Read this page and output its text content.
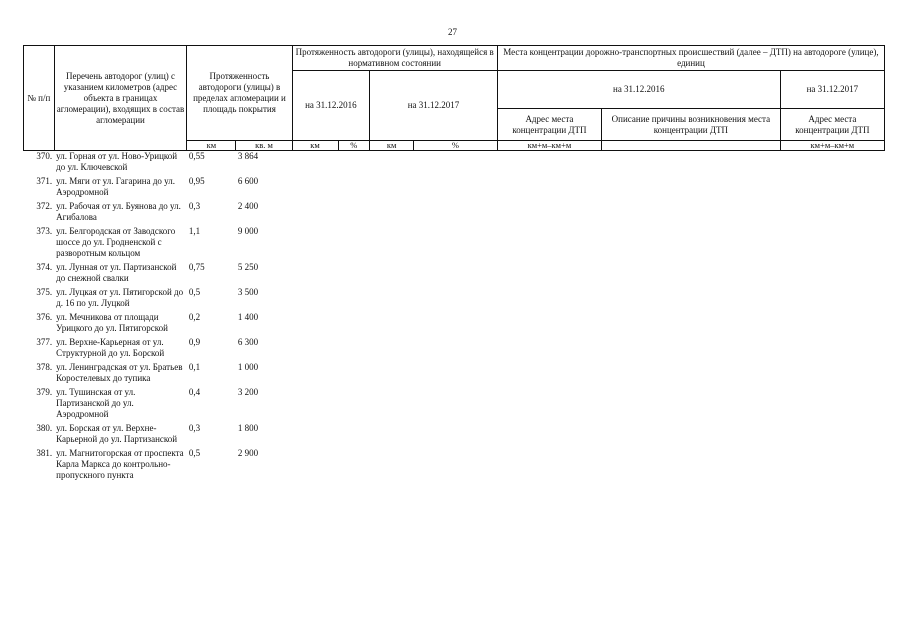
27
№ п/п	Перечень автодорог (улиц) с указанием километров (адрес объекта в границах агломерации), входящих в состав агломерации	Протяженность автодороги (улицы) в пределах агломерации и площадь покрытия		Протяженность автодороги (улицы), находящейся в нормативном состоянии				Места концентрации дорожно-транспортных происшествий (далее – ДТП) на автодороге (улице), единиц		
				на 31.12.2016		на 31.12.2017		на 31.12.2016		на 31.12.2017
								Адрес места концентрации ДТП	Описание причины возникновения места концентрации ДТП	Адрес места концентрации ДТП
		км	кв. м	км	%	км	%	км+м–км+м		км+м–км+м
370.	ул. Горная от ул. Ново-Урицкой до ул. Ключевской	0,55	3 864							
371.	ул. Мяги от ул. Гагарина до ул. Аэродромной	0,95	6 600							
372.	ул. Рабочая от ул. Буянова до ул. Агибалова	0,3	2 400							
373.	ул. Белгородская от Заводского шоссе до ул. Гродненской с разворотным кольцом	1,1	9 000							
374.	ул. Лунная от ул. Партизанской до снежной свалки	0,75	5 250							
375.	ул. Луцкая от ул. Пятигорской до д. 16 по ул. Луцкой	0,5	3 500							
376.	ул. Мечникова от площади Урицкого до ул. Пятигорской	0,2	1 400							
377.	ул. Верхне-Карьерная от ул. Структурной до ул. Борской	0,9	6 300							
378.	ул. Ленинградская от ул. Братьев Коростелевых до тупика	0,1	1 000							
379.	ул. Тушинская от ул. Партизанской до ул. Аэродромной	0,4	3 200							
380.	ул. Борская от ул. Верхне-Карьерной до ул. Партизанской	0,3	1 800							
381.	ул. Магнитогорская от проспекта Карла Маркса до контрольно-пропускного пункта	0,5	2 900							
